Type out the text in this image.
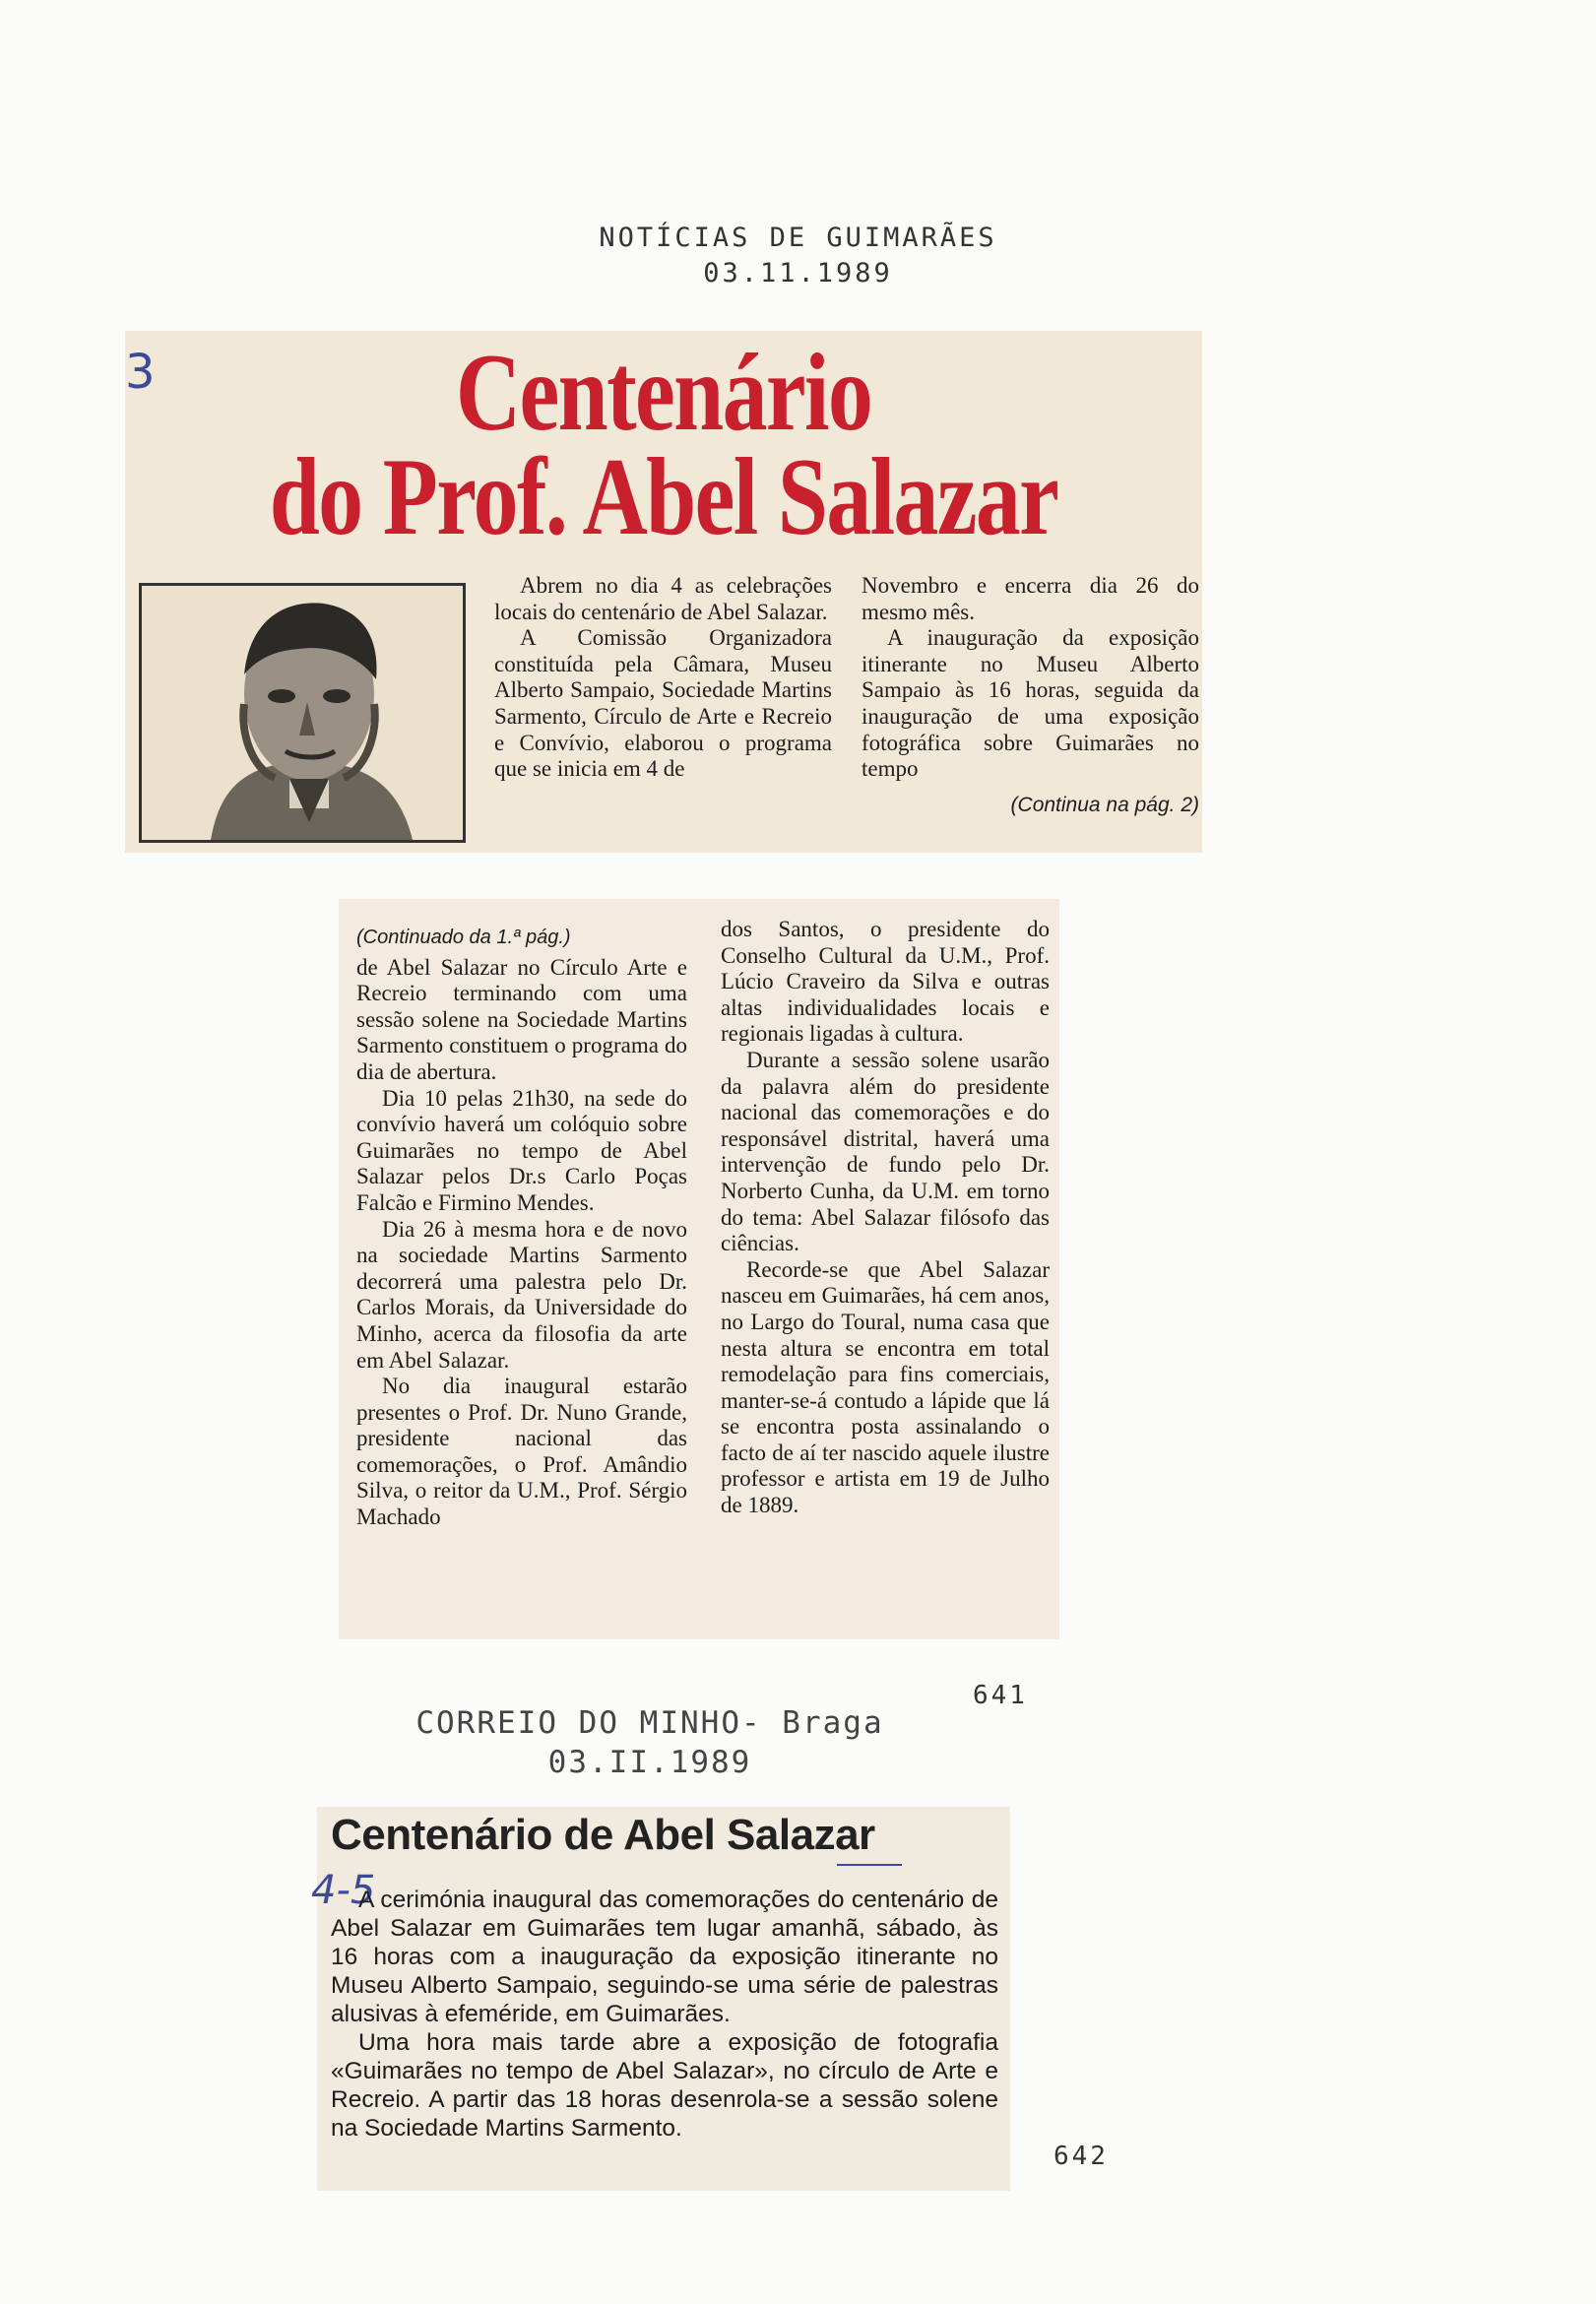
NOTÍCIAS DE GUIMARÃES
03.11.1989
Centenário
do Prof. Abel Salazar

Abrem no dia 4 as celebrações locais do centenário de Abel Salazar.

A Comissão Organizadora constituída pela Câmara, Museu Alberto Sampaio, Sociedade Martins Sarmento, Círculo de Arte e Recreio e Convívio, elaborou o programa que se inicia em 4 de

Novembro e encerra dia 26 do mesmo mês.

A inauguração da exposição itinerante no Museu Alberto Sampaio às 16 horas, seguida da inauguração de uma exposição fotográfica sobre Guimarães no tempo

(Continua na pág. 2)
3
(Continuado da 1.ª pág.)

de Abel Salazar no Círculo Arte e Recreio terminando com uma sessão solene na Sociedade Martins Sarmento constituem o programa do dia de abertura.

Dia 10 pelas 21h30, na sede do convívio haverá um colóquio sobre Guimarães no tempo de Abel Salazar pelos Dr.s Carlo Poças Falcão e Firmino Mendes.

Dia 26 à mesma hora e de novo na sociedade Martins Sarmento decorrerá uma palestra pelo Dr. Carlos Morais, da Universidade do Minho, acerca da filosofia da arte em Abel Salazar.

No dia inaugural estarão presentes o Prof. Dr. Nuno Grande, presidente nacional das comemorações, o Prof. Amândio Silva, o reitor da U.M., Prof. Sérgio Machado

dos Santos, o presidente do Conselho Cultural da U.M., Prof. Lúcio Craveiro da Silva e outras altas individualidades locais e regionais ligadas à cultura.

Durante a sessão solene usarão da palavra além do presidente nacional das comemorações e do responsável distrital, haverá uma intervenção de fundo pelo Dr. Norberto Cunha, da U.M. em torno do tema: Abel Salazar filósofo das ciências.

Recorde-se que Abel Salazar nasceu em Guimarães, há cem anos, no Largo do Toural, numa casa que nesta altura se encontra em total remodelação para fins comerciais, manter-se-á contudo a lápide que lá se encontra posta assinalando o facto de aí ter nascido aquele ilustre professor e artista em 19 de Julho de 1889.

CORREIO DO MINHO- Braga
03.II.1989
641
642
Centenário de Abel Salazar
4-5

A cerimónia inaugural das comemorações do centenário de Abel Salazar em Guimarães tem lugar amanhã, sábado, às 16 horas com a inauguração da exposição itinerante no Museu Alberto Sampaio, seguindo-se uma série de palestras alusivas à efeméride, em Guimarães.

Uma hora mais tarde abre a exposição de fotografia «Guimarães no tempo de Abel Salazar», no círculo de Arte e Recreio. A partir das 18 horas desenrola-se a sessão solene na Sociedade Martins Sarmento.
